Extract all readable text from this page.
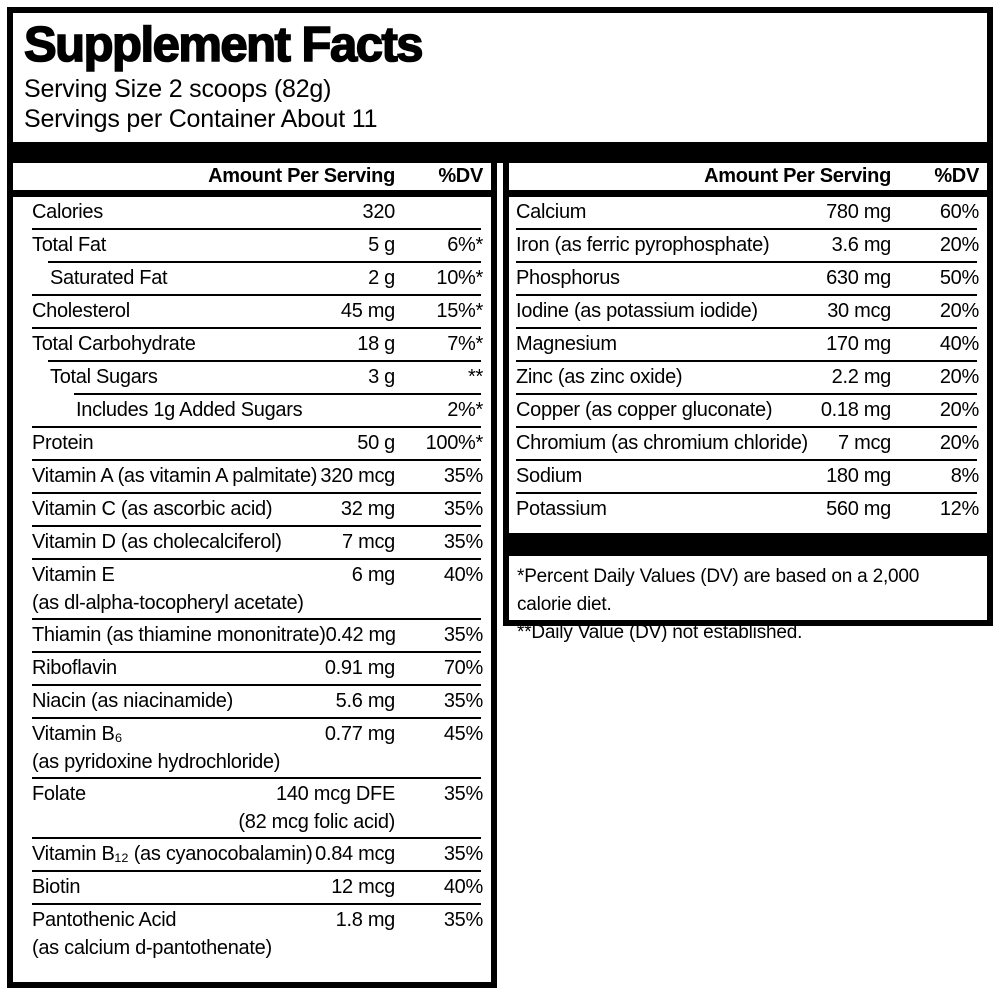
Supplement Facts
Serving Size 2 scoops (82g)
Servings per Container About 11
Amount Per Serving	%DV
Calories	320
Total Fat	5 g	6%*
Saturated Fat	2 g	10%*
Cholesterol	45 mg	15%*
Total Carbohydrate	18 g	7%*
Total Sugars	3 g	**
Includes 1g Added Sugars	2%*
Protein	50 g	100%*
Vitamin A (as vitamin A palmitate) 320 mcg	35%
Vitamin C (as ascorbic acid)	32 mg	35%
Vitamin D (as cholecalciferol)	7 mcg	35%
Vitamin E	6 mg	40%
(as dl-alpha-tocopheryl acetate)
Thiamin (as thiamine mononitrate) 0.42 mg	35%
Riboflavin	0.91 mg	70%
Niacin (as niacinamide)	5.6 mg	35%
Vitamin B₆	0.77 mg	45%
(as pyridoxine hydrochloride)
Folate	140 mcg DFE	35%
(82 mcg folic acid)
Vitamin B₁₂ (as cyanocobalamin) 0.84 mcg	35%
Biotin	12 mcg	40%
Pantothenic Acid	1.8 mg	35%
(as calcium d-pantothenate)
Amount Per Serving	%DV
Calcium	780 mg	60%
Iron (as ferric pyrophosphate)	3.6 mg	20%
Phosphorus	630 mg	50%
Iodine (as potassium iodide)	30 mcg	20%
Magnesium	170 mg	40%
Zinc (as zinc oxide)	2.2 mg	20%
Copper (as copper gluconate)	0.18 mg	20%
Chromium (as chromium chloride)	7 mcg	20%
Sodium	180 mg	8%
Potassium	560 mg	12%
*Percent Daily Values (DV) are based on a 2,000 calorie diet.
**Daily Value (DV) not established.
